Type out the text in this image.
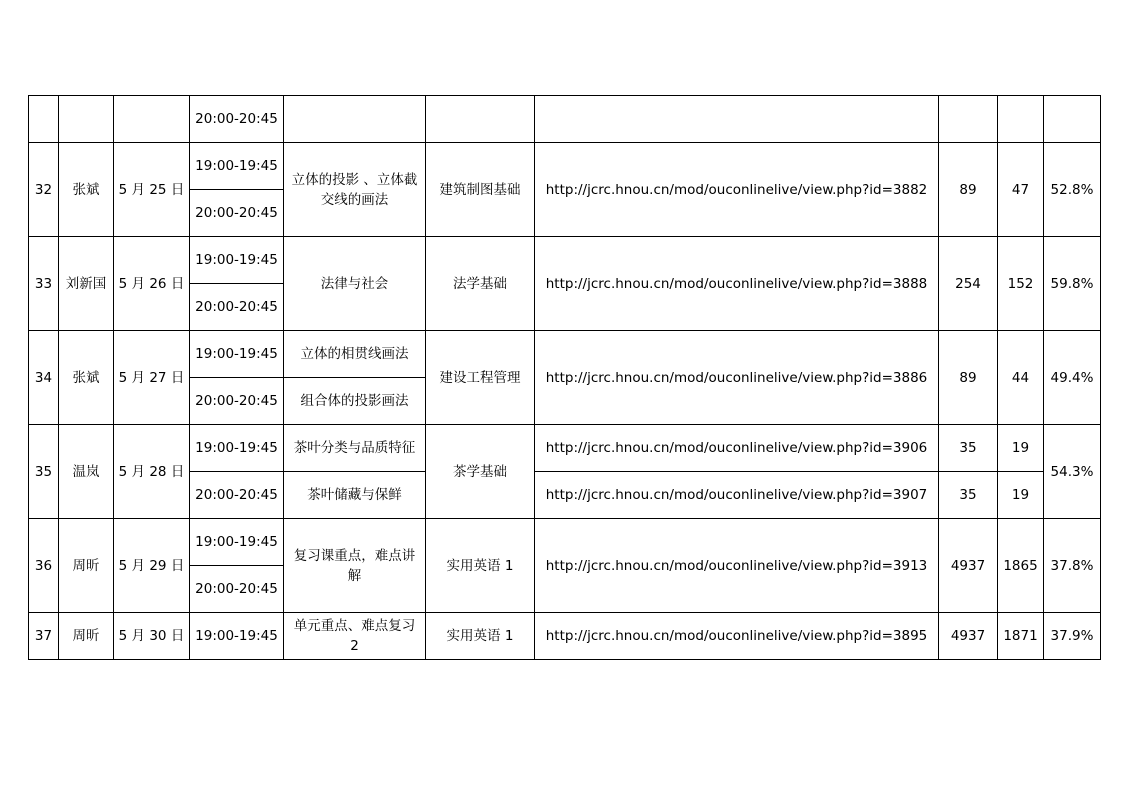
			20:00-20:45						
32	张斌	5 月 25 日	19:00-19:45	立体的投影 、立体截交线的画法	建筑制图基础	http://jcrc.hnou.cn/mod/ouconlinelive/view.php?id=3882	89	47	52.8%
			20:00-20:45						
33	刘新国	5 月 26 日	19:00-19:45	法律与社会	法学基础	http://jcrc.hnou.cn/mod/ouconlinelive/view.php?id=3888	254	152	59.8%
			20:00-20:45						
34	张斌	5 月 27 日	19:00-19:45	立体的相贯线画法	建设工程管理	http://jcrc.hnou.cn/mod/ouconlinelive/view.php?id=3886	89	44	49.4%
			20:00-20:45	组合体的投影画法					
35	温岚	5 月 28 日	19:00-19:45	茶叶分类与品质特征	茶学基础	http://jcrc.hnou.cn/mod/ouconlinelive/view.php?id=3906	35	19	54.3%
			20:00-20:45	茶叶储藏与保鲜		http://jcrc.hnou.cn/mod/ouconlinelive/view.php?id=3907	35	19	
36	周昕	5 月 29 日	19:00-19:45	复习课重点，难点讲解	实用英语 1	http://jcrc.hnou.cn/mod/ouconlinelive/view.php?id=3913	4937	1865	37.8%
			20:00-20:45						
37	周昕	5 月 30 日	19:00-19:45	单元重点、难点复习 2	实用英语 1	http://jcrc.hnou.cn/mod/ouconlinelive/view.php?id=3895	4937	1871	37.9%
